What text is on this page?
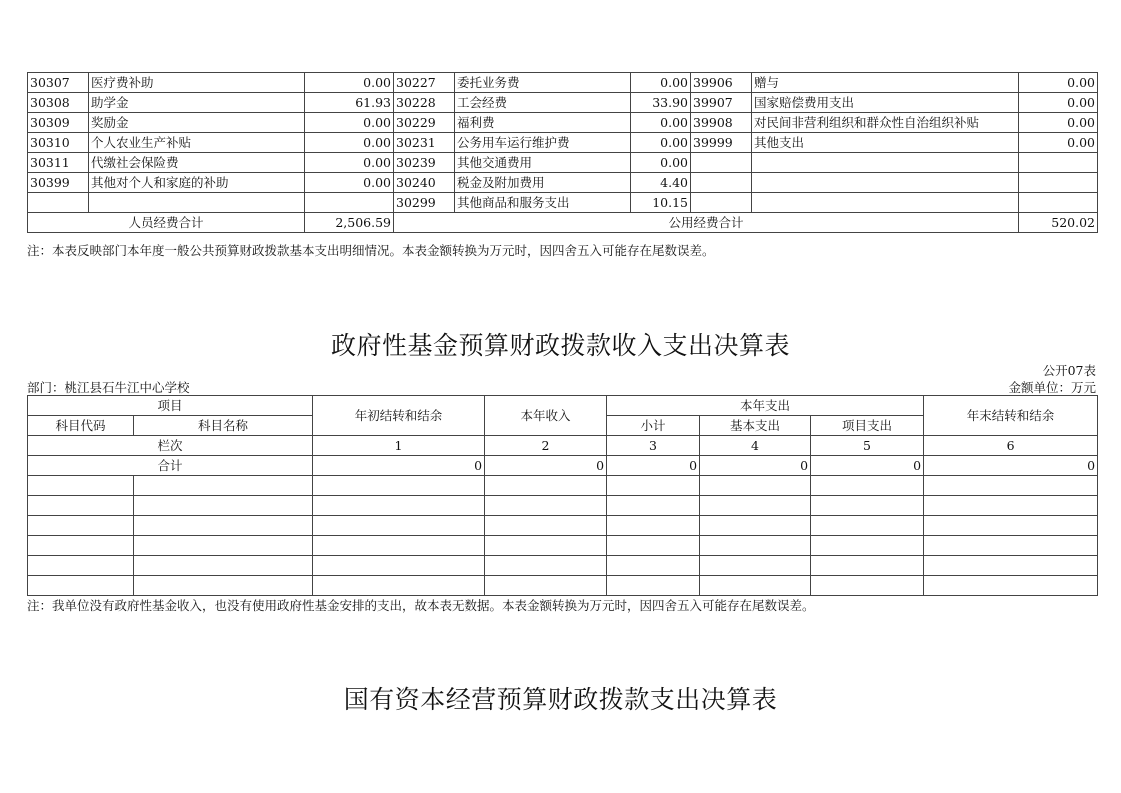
30307	医疗费补助	0.00	30227	委托业务费	0.00	39906	赠与	0.00
30308	助学金	61.93	30228	工会经费	33.90	39907	国家赔偿费用支出	0.00
30309	奖励金	0.00	30229	福利费	0.00	39908	对民间非营利组织和群众性自治组织补贴	0.00
30310	个人农业生产补贴	0.00	30231	公务用车运行维护费	0.00	39999	其他支出	0.00
30311	代缴社会保险费	0.00	30239	其他交通费用	0.00			
30399	其他对个人和家庭的补助	0.00	30240	税金及附加费用	4.40			
			30299	其他商品和服务支出	10.15			
人员经费合计		2,506.59	公用经费合计					520.02
注：本表反映部门本年度一般公共预算财政拨款基本支出明细情况。本表金额转换为万元时，因四舍五入可能存在尾数误差。
政府性基金预算财政拨款收入支出决算表
公开07表
部门：桃江县石牛江中心学校	金额单位：万元
项目		年初结转和结余	本年收入	本年支出			年末结转和结余
科目代码	科目名称			小计	基本支出	项目支出	
栏次		1	2	3	4	5	6
合计		0	0	0	0	0	0

注：我单位没有政府性基金收入，也没有使用政府性基金安排的支出，故本表无数据。本表金额转换为万元时，因四舍五入可能存在尾数误差。
国有资本经营预算财政拨款支出决算表
